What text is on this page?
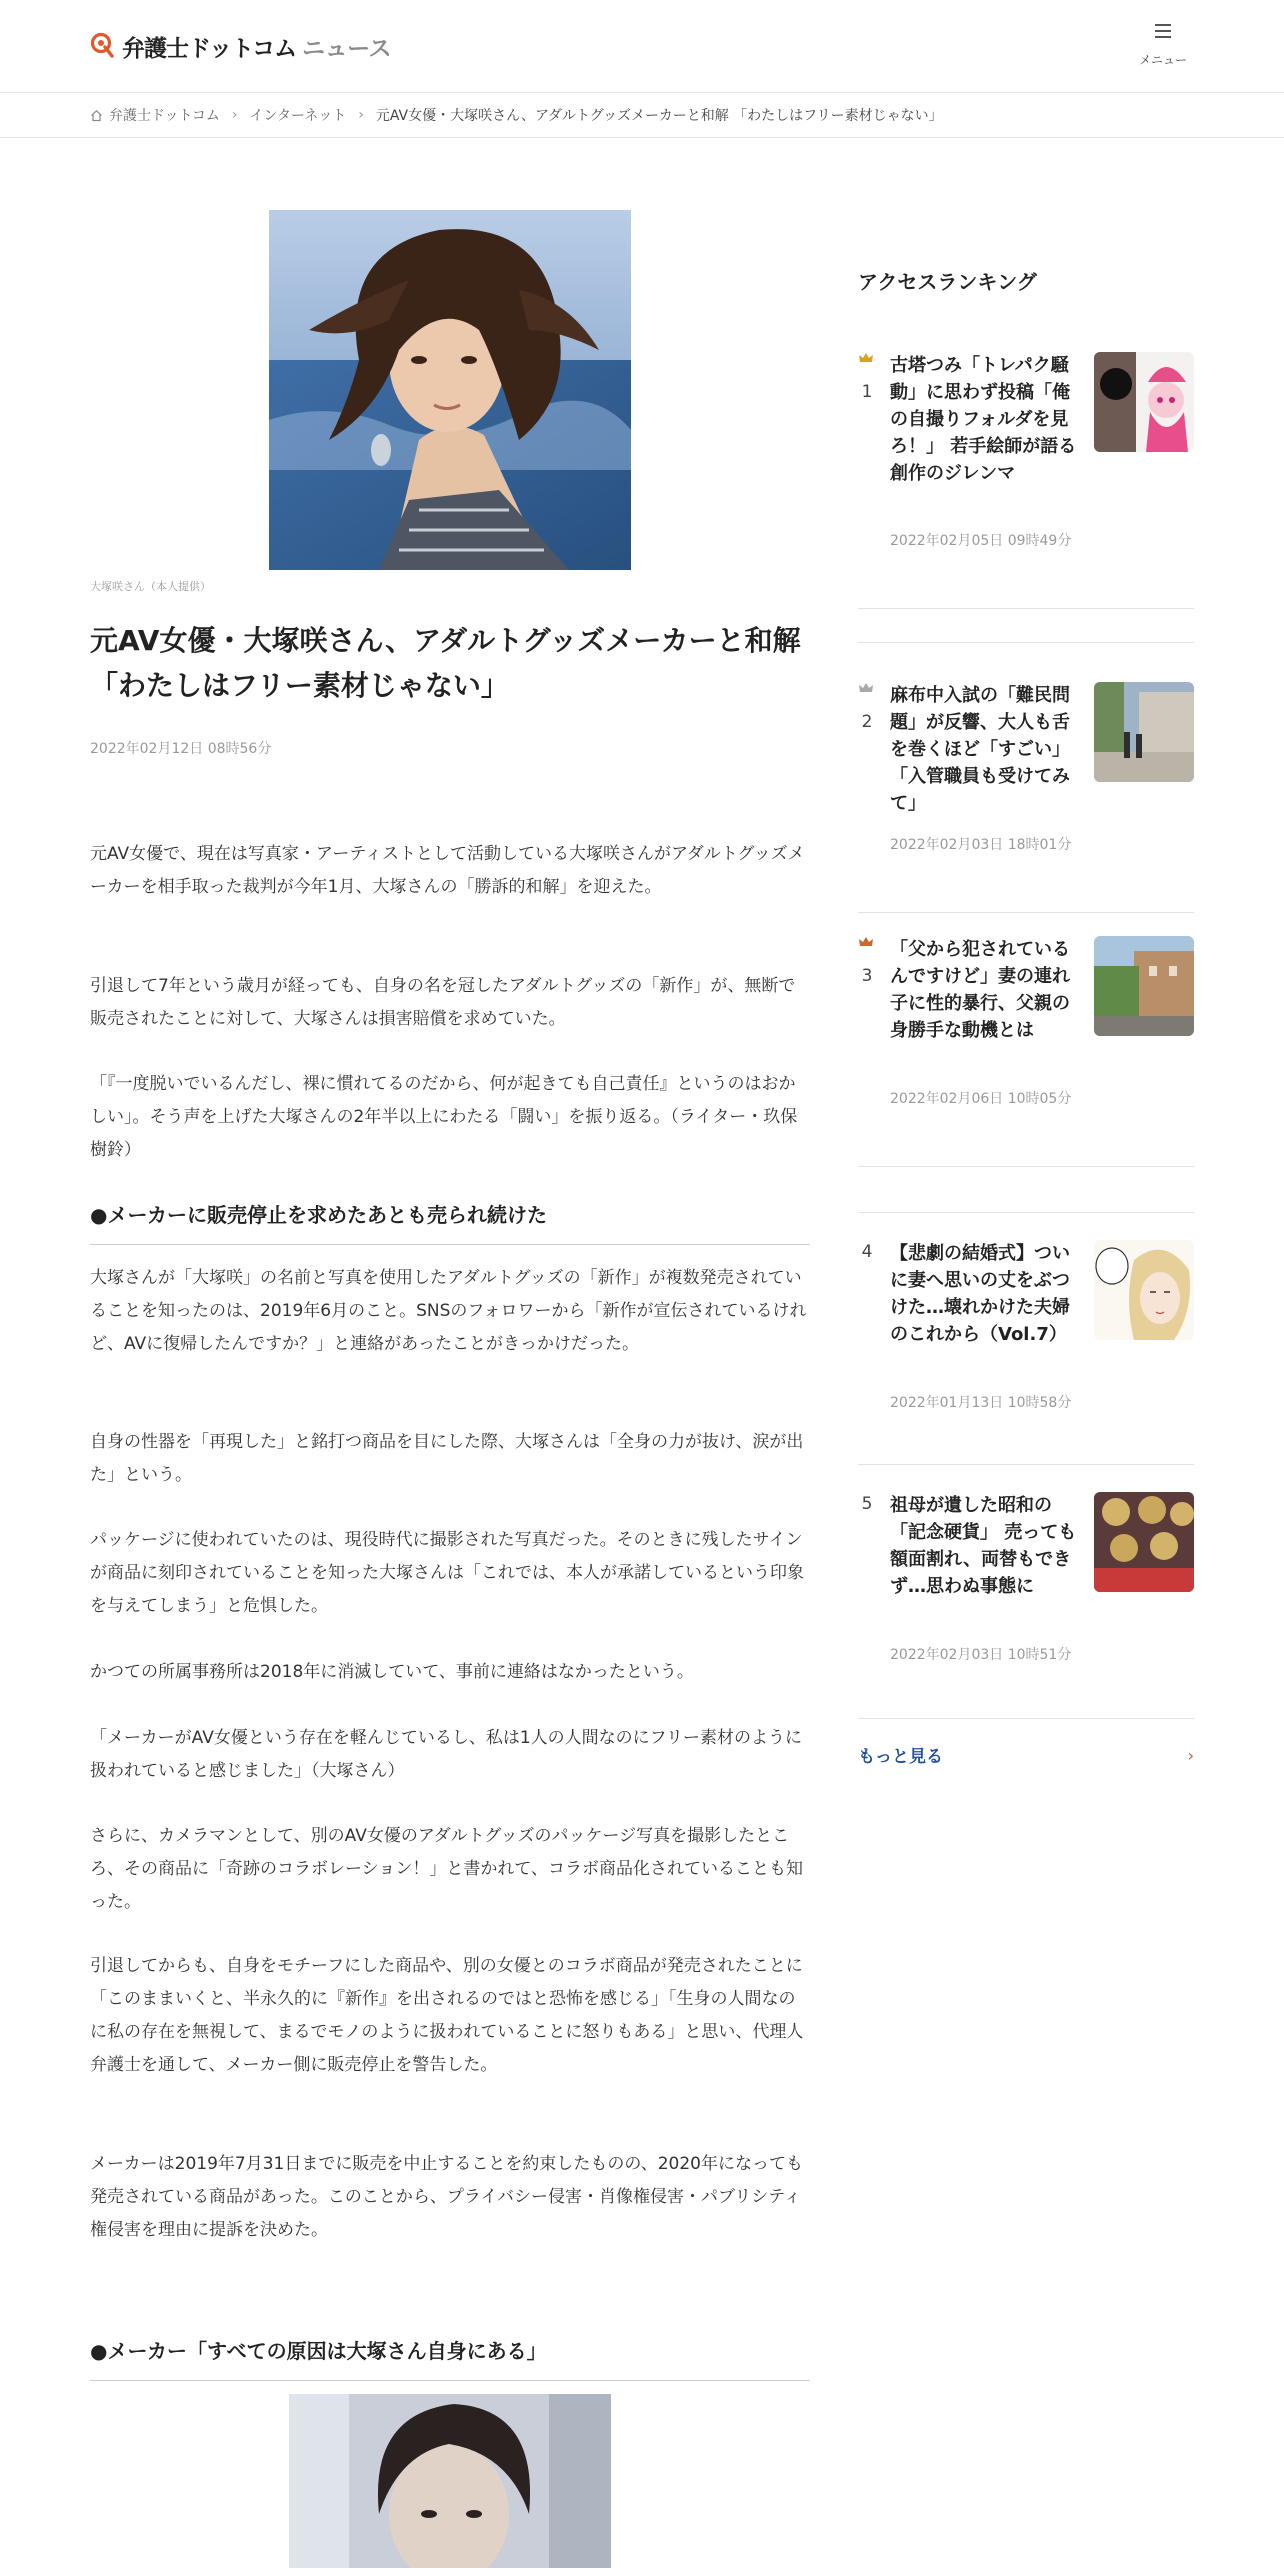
弁護士ドットコム ニュース	メニュー
弁護士ドットコム › インターネット › 元AV女優・大塚咲さん、アダルトグッズメーカーと和解 「わたしはフリー素材じゃない」
大塚咲さん（本人提供）
元AV女優・大塚咲さん、アダルトグッズメーカーと和解 「わたしはフリー素材じゃない」
2022年02月12日 08時56分

元AV女優で、現在は写真家・アーティストとして活動している大塚咲さんがアダルトグッズメーカーを相手取った裁判が今年1月、大塚さんの「勝訴的和解」を迎えた。

引退して7年という歳月が経っても、自身の名を冠したアダルトグッズの「新作」が、無断で販売されたことに対して、大塚さんは損害賠償を求めていた。

「『一度脱いでいるんだし、裸に慣れてるのだから、何が起きても自己責任』というのはおかしい」。そう声を上げた大塚さんの2年半以上にわたる「闘い」を振り返る。（ライター・玖保樹鈴）

●メーカーに販売停止を求めたあとも売られ続けた

大塚さんが「大塚咲」の名前と写真を使用したアダルトグッズの「新作」が複数発売されていることを知ったのは、2019年6月のこと。SNSのフォロワーから「新作が宣伝されているけれど、AVに復帰したんですか？」と連絡があったことがきっかけだった。

自身の性器を「再現した」と銘打つ商品を目にした際、大塚さんは「全身の力が抜け、涙が出た」という。

パッケージに使われていたのは、現役時代に撮影された写真だった。そのときに残したサインが商品に刻印されていることを知った大塚さんは「これでは、本人が承諾しているという印象を与えてしまう」と危惧した。

かつての所属事務所は2018年に消滅していて、事前に連絡はなかったという。

「メーカーがAV女優という存在を軽んじているし、私は1人の人間なのにフリー素材のように扱われていると感じました」（大塚さん）

さらに、カメラマンとして、別のAV女優のアダルトグッズのパッケージ写真を撮影したところ、その商品に「奇跡のコラボレーション！」と書かれて、コラボ商品化されていることも知った。

引退してからも、自身をモチーフにした商品や、別の女優とのコラボ商品が発売されたことに「このままいくと、半永久的に『新作』を出されるのではと恐怖を感じる」「生身の人間なのに私の存在を無視して、まるでモノのように扱われていることに怒りもある」と思い、代理人弁護士を通して、メーカー側に販売停止を警告した。

メーカーは2019年7月31日までに販売を中止することを約束したものの、2020年になっても発売されている商品があった。このことから、プライバシー侵害・肖像権侵害・パブリシティ権侵害を理由に提訴を決めた。

●メーカー「すべての原因は大塚さん自身にある」
アクセスランキング
1

古塔つみ「トレパク騒動」に思わず投稿「俺の自撮りフォルダを見ろ！」 若手絵師が語る創作のジレンマ

2022年02月05日 09時49分
2

麻布中入試の「難民問題」が反響、大人も舌を巻くほど「すごい」「入管職員も受けてみて」

2022年02月03日 18時01分
3

「父から犯されているんですけど」妻の連れ子に性的暴行、父親の身勝手な動機とは

2022年02月06日 10時05分
4 【悲劇の結婚式】ついに妻へ思いの丈をぶつけた…壊れかけた夫婦のこれから（Vol.7）

2022年01月13日 10時58分
5 祖母が遺した昭和の「記念硬貨」 売っても額面割れ、両替もできず…思わぬ事態に

2022年02月03日 10時51分
もっと見る	›
